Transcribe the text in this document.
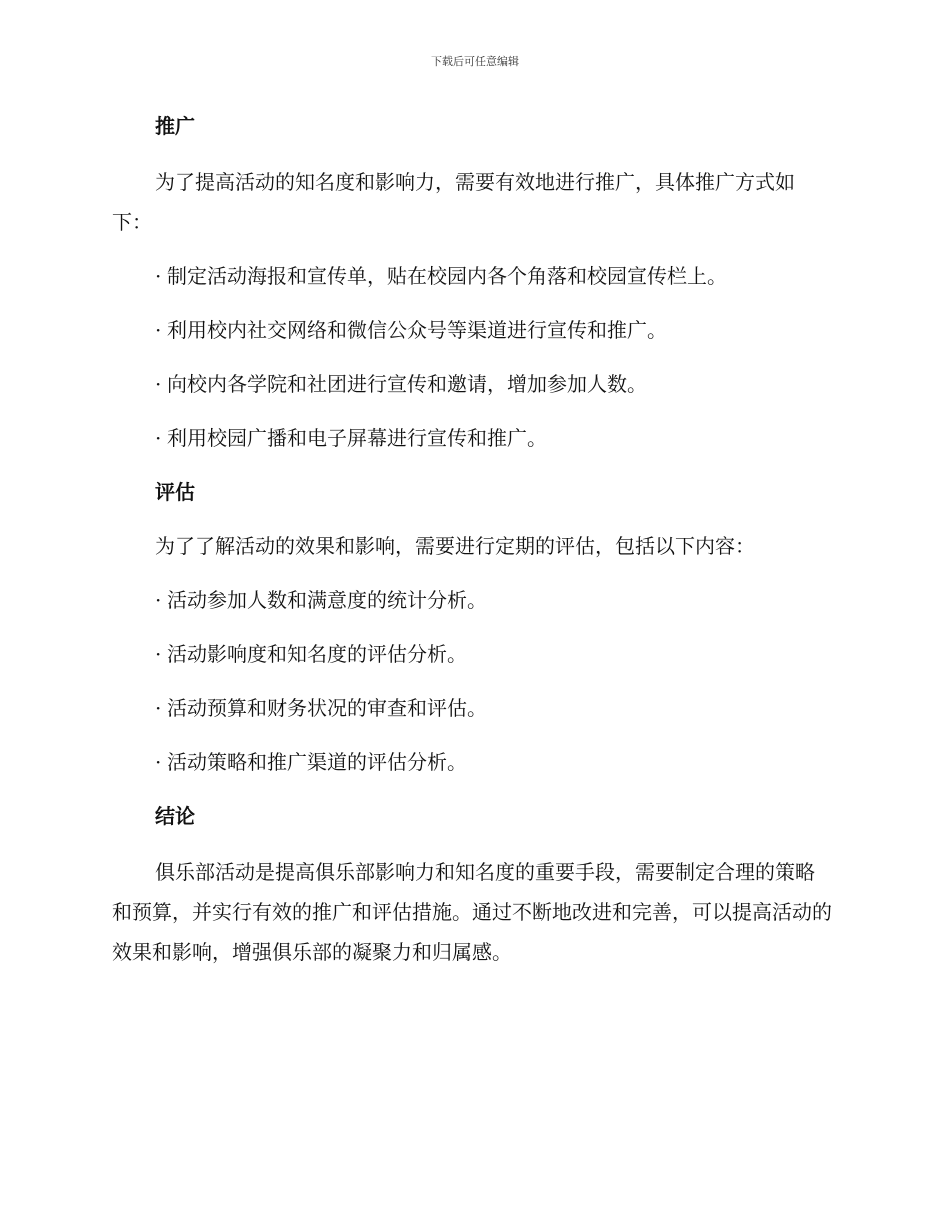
下载后可任意编辑
推广
为了提高活动的知名度和影响力，需要有效地进行推广，具体推广方式如下：
· 制定活动海报和宣传单，贴在校园内各个角落和校园宣传栏上。
· 利用校内社交网络和微信公众号等渠道进行宣传和推广。
· 向校内各学院和社团进行宣传和邀请，增加参加人数。
· 利用校园广播和电子屏幕进行宣传和推广。
评估
为了了解活动的效果和影响，需要进行定期的评估，包括以下内容：
· 活动参加人数和满意度的统计分析。
· 活动影响度和知名度的评估分析。
· 活动预算和财务状况的审查和评估。
· 活动策略和推广渠道的评估分析。
结论
俱乐部活动是提高俱乐部影响力和知名度的重要手段，需要制定合理的策略和预算，并实行有效的推广和评估措施。通过不断地改进和完善，可以提高活动的效果和影响，增强俱乐部的凝聚力和归属感。
